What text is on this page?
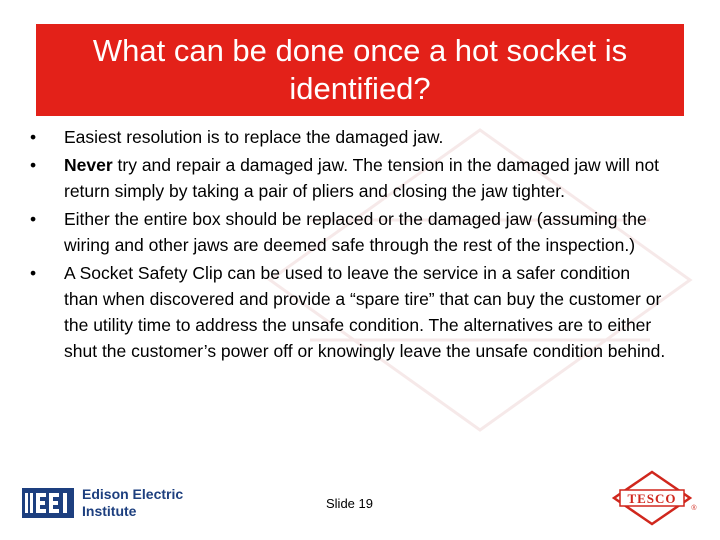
What can be done once a hot socket is identified?
• Easiest resolution is to replace the damaged jaw.
• Never try and repair a damaged jaw. The tension in the damaged jaw will not return simply by taking a pair of pliers and closing the jaw tighter.
• Either the entire box should be replaced or the damaged jaw (assuming the wiring and other jaws are deemed safe through the rest of the inspection.)
• A Socket Safety Clip can be used to leave the service in a safer condition than when discovered and provide a “spare tire” that can buy the customer or the utility time to address the unsafe condition. The alternatives are to either shut the customer’s power off or knowingly leave the unsafe condition behind.
Edison Electric
Institute	Slide 19	TESCO
®
